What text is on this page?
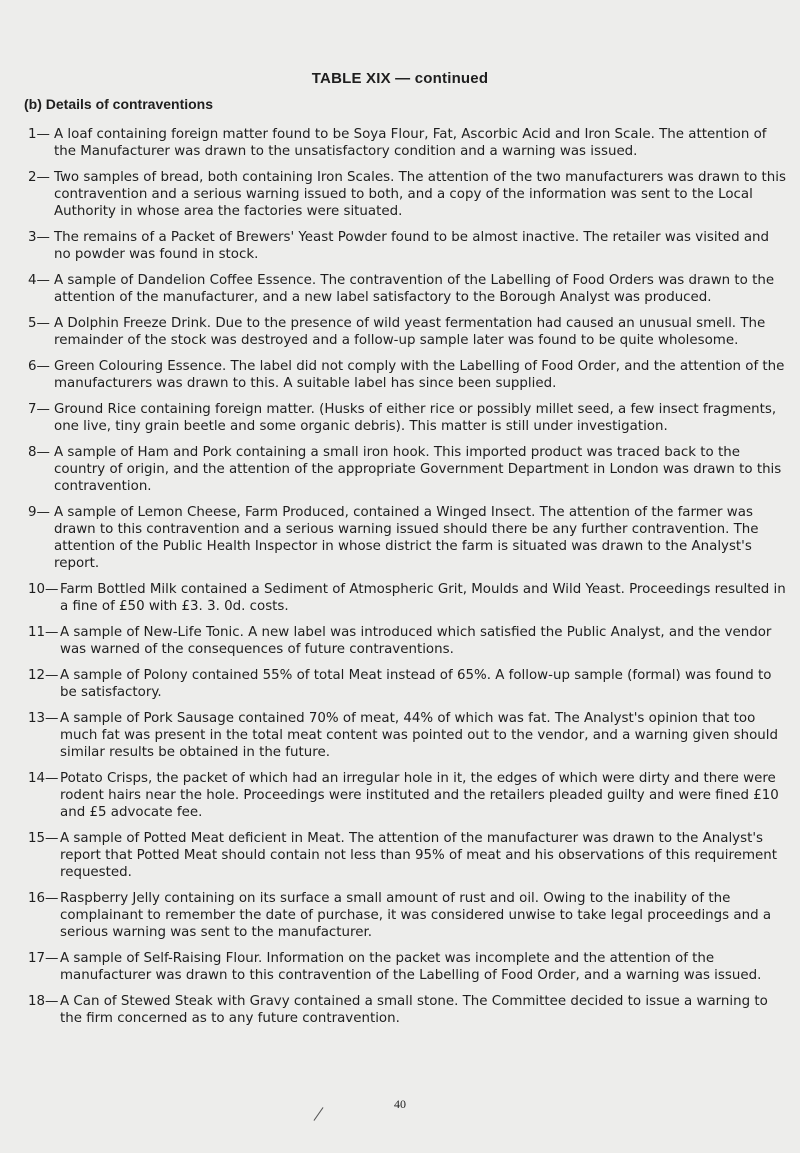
TABLE XIX — continued
(b) Details of contraventions
1— A loaf containing foreign matter found to be Soya Flour, Fat, Ascorbic Acid and Iron Scale. The attention of the Manufacturer was drawn to the unsatisfactory condition and a warning was issued.
2— Two samples of bread, both containing Iron Scales. The attention of the two manufacturers was drawn to this contravention and a serious warning issued to both, and a copy of the information was sent to the Local Authority in whose area the factories were situated.
3— The remains of a Packet of Brewers' Yeast Powder found to be almost inactive. The retailer was visited and no powder was found in stock.
4— A sample of Dandelion Coffee Essence. The contravention of the Labelling of Food Orders was drawn to the attention of the manufacturer, and a new label satisfactory to the Borough Analyst was produced.
5— A Dolphin Freeze Drink. Due to the presence of wild yeast fermentation had caused an unusual smell. The remainder of the stock was destroyed and a follow-up sample later was found to be quite wholesome.
6— Green Colouring Essence. The label did not comply with the Labelling of Food Order, and the attention of the manufacturers was drawn to this. A suitable label has since been supplied.
7— Ground Rice containing foreign matter. (Husks of either rice or possibly millet seed, a few insect fragments, one live, tiny grain beetle and some organic debris). This matter is still under investigation.
8— A sample of Ham and Pork containing a small iron hook. This imported product was traced back to the country of origin, and the attention of the appropriate Government Department in London was drawn to this contravention.
9— A sample of Lemon Cheese, Farm Produced, contained a Winged Insect. The attention of the farmer was drawn to this contravention and a serious warning issued should there be any further contravention. The attention of the Public Health Inspector in whose district the farm is situated was drawn to the Analyst's report.
10— Farm Bottled Milk contained a Sediment of Atmospheric Grit, Moulds and Wild Yeast. Proceedings resulted in a fine of £50 with £3. 3. 0d. costs.
11— A sample of New-Life Tonic. A new label was introduced which satisfied the Public Analyst, and the vendor was warned of the consequences of future contraventions.
12— A sample of Polony contained 55% of total Meat instead of 65%. A follow-up sample (formal) was found to be satisfactory.
13— A sample of Pork Sausage contained 70% of meat, 44% of which was fat. The Analyst's opinion that too much fat was present in the total meat content was pointed out to the vendor, and a warning given should similar results be obtained in the future.
14— Potato Crisps, the packet of which had an irregular hole in it, the edges of which were dirty and there were rodent hairs near the hole. Proceedings were instituted and the retailers pleaded guilty and were fined £10 and £5 advocate fee.
15— A sample of Potted Meat deficient in Meat. The attention of the manufacturer was drawn to the Analyst's report that Potted Meat should contain not less than 95% of meat and his observations of this requirement requested.
16— Raspberry Jelly containing on its surface a small amount of rust and oil. Owing to the inability of the complainant to remember the date of purchase, it was considered unwise to take legal proceedings and a serious warning was sent to the manufacturer.
17— A sample of Self-Raising Flour. Information on the packet was incomplete and the attention of the manufacturer was drawn to this contravention of the Labelling of Food Order, and a warning was issued.
18— A Can of Stewed Steak with Gravy contained a small stone. The Committee decided to issue a warning to the firm concerned as to any future contravention.
40
